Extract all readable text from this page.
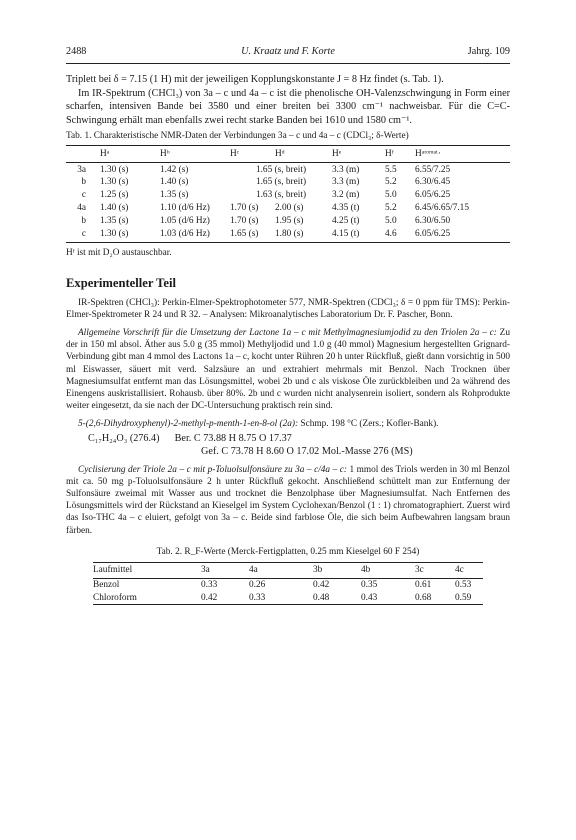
2488	U. Kraatz und F. Korte	Jahrg. 109

Triplett bei δ = 7.15 (1 H) mit der jeweiligen Kopplungskonstante J = 8 Hz findet (s. Tab. 1).

Im IR-Spektrum (CHCl₃) von 3a – c und 4a – c ist die phenolische OH-Valenzschwingung in Form einer scharfen, intensiven Bande bei 3580 und einer breiten bei 3300 cm⁻¹ nachweisbar. Für die C=C-Schwingung erhält man ebenfalls zwei recht starke Banden bei 1610 und 1580 cm⁻¹.

Tab. 1. Charakteristische NMR-Daten der Verbindungen 3a – c und 4a – c (CDCl₃; δ-Werte)

	Hᵃ	Hᵇ	Hᶜ	Hᵈ	Hᵉ	Hᶠ	Hᵃʳᵒᵐᵃᵗ·
3a	1.30 (s)	1.42 (s)	1.65 (s, breit)		3.3 (m)	5.5	6.55/7.25
b	1.30 (s)	1.40 (s)	1.65 (s, breit)		3.3 (m)	5.2	6.30/6.45
c	1.25 (s)	1.35 (s)	1.63 (s, breit)		3.2 (m)	5.0	6.05/6.25
4a	1.40 (s)	1.10 (d/6 Hz)	1.70 (s)	2.00 (s)	4.35 (t)	5.2	6.45/6.65/7.15
b	1.35 (s)	1.05 (d/6 Hz)	1.70 (s)	1.95 (s)	4.25 (t)	5.0	6.30/6.50
c	1.30 (s)	1.03 (d/6 Hz)	1.65 (s)	1.80 (s)	4.15 (t)	4.6	6.05/6.25

Hᶠ ist mit D₂O austauschbar.

Experimenteller Teil

IR-Spektren (CHCl₃): Perkin-Elmer-Spektrophotometer 577, NMR-Spektren (CDCl₃; δ = 0 ppm für TMS): Perkin-Elmer-Spektrometer R 24 und R 32. – Analysen: Mikroanalytisches Laboratorium Dr. F. Pascher, Bonn.

Allgemeine Vorschrift für die Umsetzung der Lactone 1a – c mit Methylmagnesiumjodid zu den Triolen 2a – c: Zu der in 150 ml absol. Äther aus 5.0 g (35 mmol) Methyljodid und 1.0 g (40 mmol) Magnesium hergestellten Grignard-Verbindung gibt man 4 mmol des Lactons 1a – c, kocht unter Rühren 20 h unter Rückfluß, gießt dann vorsichtig in 500 ml Eiswasser, säuert mit verd. Salzsäure an und extrahiert mehrmals mit Benzol. Nach Trocknen über Magnesiumsulfat entfernt man das Lösungsmittel, wobei 2b und c als viskose Öle zurückbleiben und 2a während des Einengens auskristallisiert. Rohausb. über 80%. 2b und c wurden nicht analysenrein isoliert, sondern als Rohprodukte weiter eingesetzt, da sie nach der DC-Untersuchung praktisch rein sind.

5-(2,6-Dihydroxyphenyl)-2-methyl-p-menth-1-en-8-ol (2a): Schmp. 198 °C (Zers.; Kofler-Bank).

C₁₇H₂₄O₃ (276.4) Ber. C 73.88 H 8.75 O 17.37
Gef. C 73.78 H 8.60 O 17.02 Mol.-Masse 276 (MS)

Cyclisierung der Triole 2a – c mit p-Toluolsulfonsäure zu 3a – c/4a – c: 1 mmol des Triols werden in 30 ml Benzol mit ca. 50 mg p-Toluolsulfonsäure 2 h unter Rückfluß gekocht. Anschließend schüttelt man zur Entfernung der Sulfonsäure zweimal mit Wasser aus und trocknet die Benzolphase über Magnesiumsulfat. Nach Entfernen des Lösungsmittels wird der Rückstand an Kieselgel im System Cyclohexan/Benzol (1 : 1) chromatographiert. Zuerst wird das Iso-THC 4a – c eluiert, gefolgt von 3a – c. Beide sind farblose Öle, die sich beim Aufbewahren langsam braun färben.

Tab. 2. R_F-Werte (Merck-Fertigplatten, 0.25 mm Kieselgel 60 F 254)

Laufmittel	3a	4a	3b	4b	3c	4c
Benzol	0.33	0.26	0.42	0.35	0.61	0.53
Chloroform	0.42	0.33	0.48	0.43	0.68	0.59
